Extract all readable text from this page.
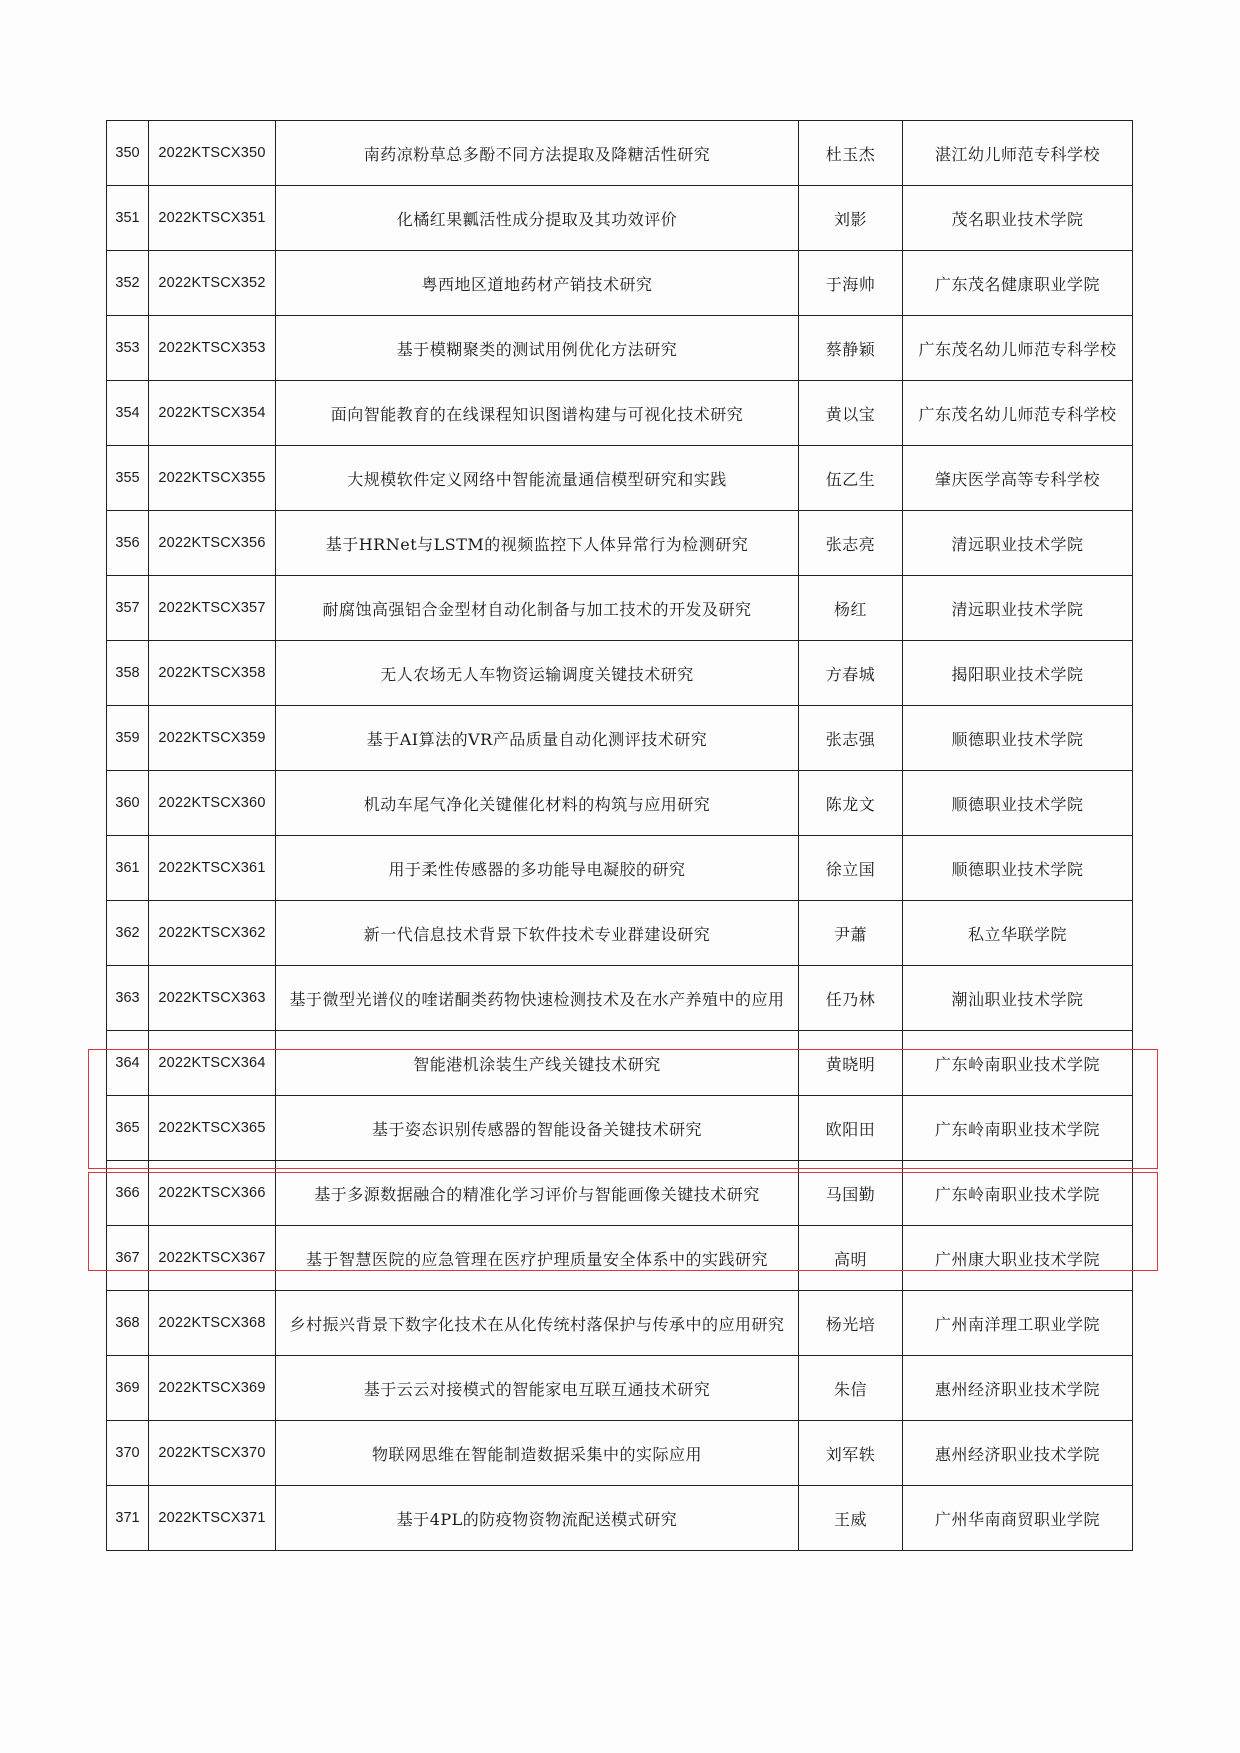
350	2022KTSCX350	南药凉粉草总多酚不同方法提取及降糖活性研究	杜玉杰	湛江幼儿师范专科学校
351	2022KTSCX351	化橘红果瓤活性成分提取及其功效评价	刘影	茂名职业技术学院
352	2022KTSCX352	粤西地区道地药材产销技术研究	于海帅	广东茂名健康职业学院
353	2022KTSCX353	基于模糊聚类的测试用例优化方法研究	蔡静颖	广东茂名幼儿师范专科学校
354	2022KTSCX354	面向智能教育的在线课程知识图谱构建与可视化技术研究	黄以宝	广东茂名幼儿师范专科学校
355	2022KTSCX355	大规模软件定义网络中智能流量通信模型研究和实践	伍乙生	肇庆医学高等专科学校
356	2022KTSCX356	基于HRNet与LSTM的视频监控下人体异常行为检测研究	张志亮	清远职业技术学院
357	2022KTSCX357	耐腐蚀高强铝合金型材自动化制备与加工技术的开发及研究	杨红	清远职业技术学院
358	2022KTSCX358	无人农场无人车物资运输调度关键技术研究	方春城	揭阳职业技术学院
359	2022KTSCX359	基于AI算法的VR产品质量自动化测评技术研究	张志强	顺德职业技术学院
360	2022KTSCX360	机动车尾气净化关键催化材料的构筑与应用研究	陈龙文	顺德职业技术学院
361	2022KTSCX361	用于柔性传感器的多功能导电凝胶的研究	徐立国	顺德职业技术学院
362	2022KTSCX362	新一代信息技术背景下软件技术专业群建设研究	尹蕭	私立华联学院
363	2022KTSCX363	基于微型光谱仪的喹诺酮类药物快速检测技术及在水产养殖中的应用	任乃林	潮汕职业技术学院
364	2022KTSCX364	智能港机涂装生产线关键技术研究	黄晓明	广东岭南职业技术学院
365	2022KTSCX365	基于姿态识别传感器的智能设备关键技术研究	欧阳田	广东岭南职业技术学院
366	2022KTSCX366	基于多源数据融合的精准化学习评价与智能画像关键技术研究	马国勤	广东岭南职业技术学院
367	2022KTSCX367	基于智慧医院的应急管理在医疗护理质量安全体系中的实践研究	高明	广州康大职业技术学院
368	2022KTSCX368	乡村振兴背景下数字化技术在从化传统村落保护与传承中的应用研究	杨光培	广州南洋理工职业学院
369	2022KTSCX369	基于云云对接模式的智能家电互联互通技术研究	朱信	惠州经济职业技术学院
370	2022KTSCX370	物联网思维在智能制造数据采集中的实际应用	刘军轶	惠州经济职业技术学院
371	2022KTSCX371	基于4PL的防疫物资物流配送模式研究	王威	广州华南商贸职业学院
